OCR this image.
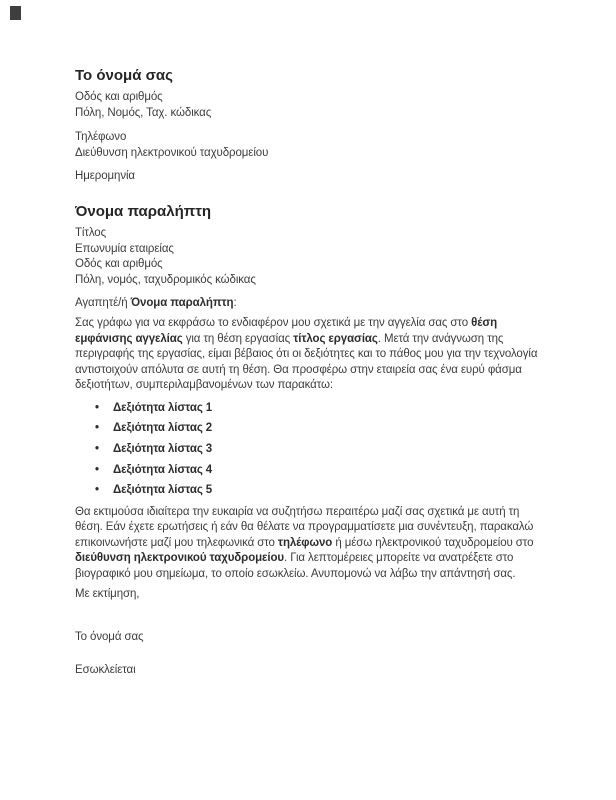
Το όνομά σας
Οδός και αριθμός
Πόλη, Νομός, Ταχ. κώδικας
Τηλέφωνο
Διεύθυνση ηλεκτρονικού ταχυδρομείου
Ημερομηνία
Όνομα παραλήπτη
Τίτλος
Επωνυμία εταιρείας
Οδός και αριθμός
Πόλη, νομός, ταχυδρομικός κώδικας

Αγαπητέ/ή Όνομα παραλήπτη:

Σας γράφω για να εκφράσω το ενδιαφέρον μου σχετικά με την αγγελία σας στο θέση εμφάνισης αγγελίας για τη θέση εργασίας τίτλος εργασίας. Μετά την ανάγνωση της περιγραφής της εργασίας, είμαι βέβαιος ότι οι δεξιότητες και το πάθος μου για την τεχνολογία αντιστοιχούν απόλυτα σε αυτή τη θέση. Θα προσφέρω στην εταιρεία σας ένα ευρύ φάσμα δεξιοτήτων, συμπεριλαμβανομένων των παρακάτω:

• Δεξιότητα λίστας 1
• Δεξιότητα λίστας 2
• Δεξιότητα λίστας 3
• Δεξιότητα λίστας 4
• Δεξιότητα λίστας 5

Θα εκτιμούσα ιδιαίτερα την ευκαιρία να συζητήσω περαιτέρω μαζί σας σχετικά με αυτή τη θέση. Εάν έχετε ερωτήσεις ή εάν θα θέλατε να προγραμματίσετε μια συνέντευξη, παρακαλώ επικοινωνήστε μαζί μου τηλεφωνικά στο τηλέφωνο ή μέσω ηλεκτρονικού ταχυδρομείου στο διεύθυνση ηλεκτρονικού ταχυδρομείου. Για λεπτομέρειες μπορείτε να ανατρέξετε στο βιογραφικό μου σημείωμα, το οποίο εσωκλείω. Ανυπομονώ να λάβω την απάντησή σας.

Με εκτίμηση,

Το όνομά σας

Εσωκλείεται
